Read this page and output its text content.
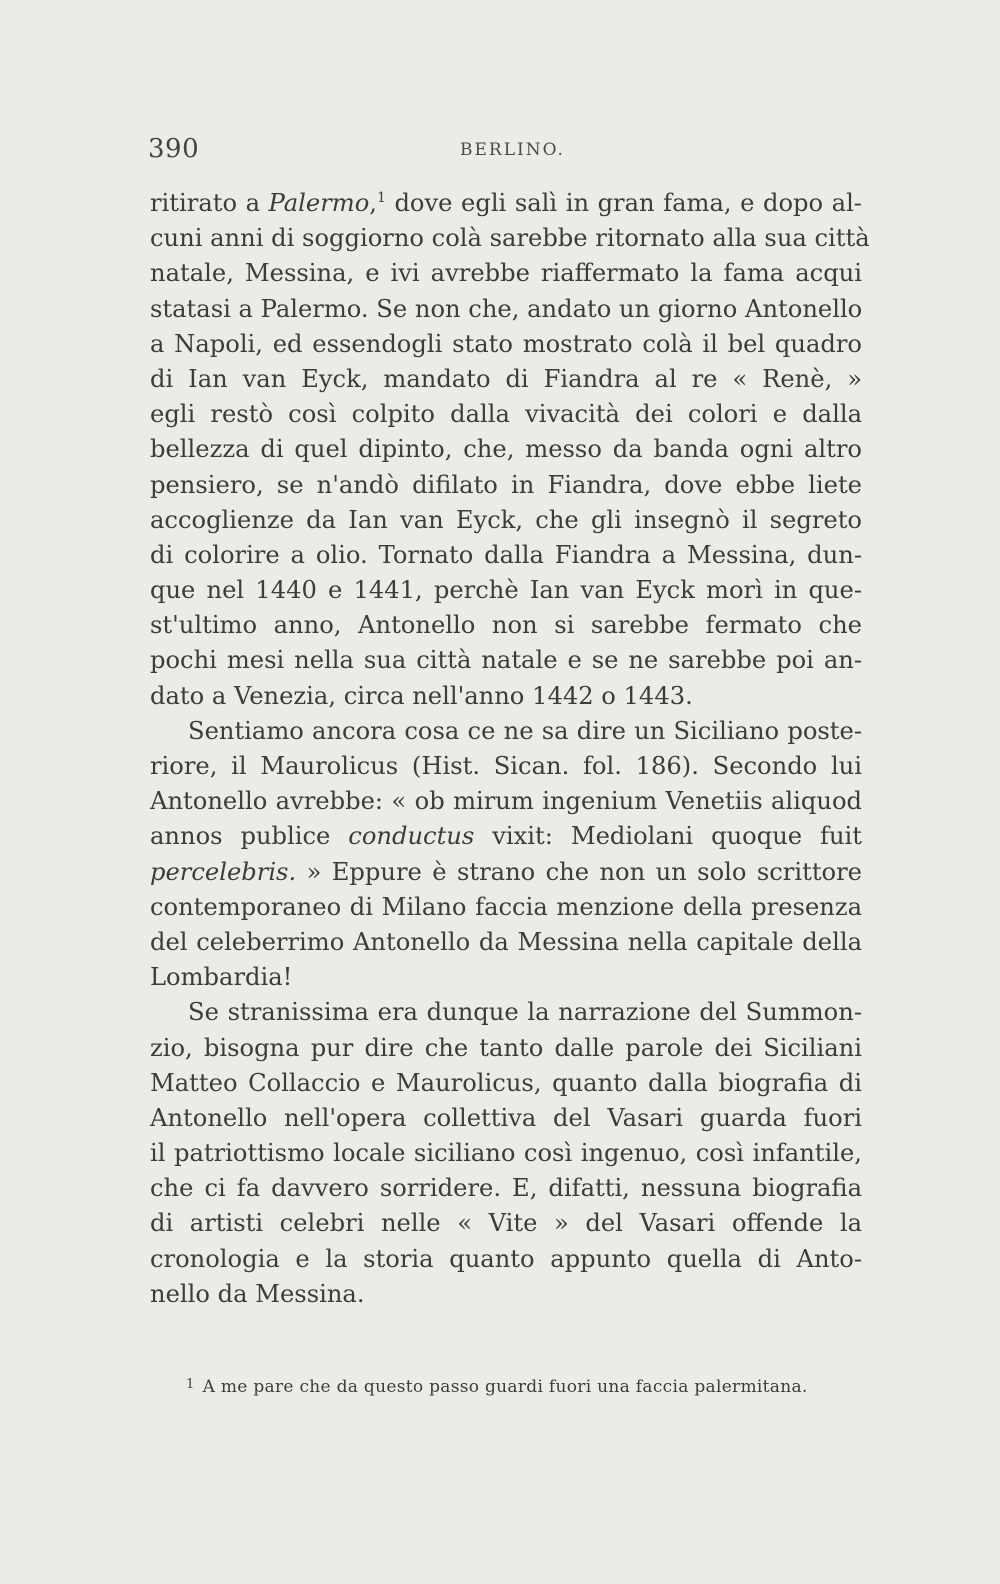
390	BERLINO.
ritirato a Palermo,$^1$ dove egli salì in gran fama, e dopo al-
cuni anni di soggiorno colà sarebbe ritornato alla sua città
natale, Messina, e ivi avrebbe riaffermato la fama acqui
statasi a Palermo. Se non che, andato un giorno Antonello
a Napoli, ed essendogli stato mostrato colà il bel quadro
di Ian van Eyck, mandato di Fiandra al re « Renè, »
egli restò così colpito dalla vivacità dei colori e dalla
bellezza di quel dipinto, che, messo da banda ogni altro
pensiero, se n'andò difilato in Fiandra, dove ebbe liete
accoglienze da Ian van Eyck, che gli insegnò il segreto
di colorire a olio. Tornato dalla Fiandra a Messina, dun-
que nel 1440 e 1441, perchè Ian van Eyck morì in que-
st'ultimo anno, Antonello non si sarebbe fermato che
pochi mesi nella sua città natale e se ne sarebbe poi an-
dato a Venezia, circa nell'anno 1442 o 1443.
Sentiamo ancora cosa ce ne sa dire un Siciliano poste-
riore, il Maurolicus (Hist. Sican. fol. 186). Secondo lui
Antonello avrebbe: « ob mirum ingenium Venetiis aliquod
annos publice conductus vixit: Mediolani quoque fuit
percelebris. » Eppure è strano che non un solo scrittore
contemporaneo di Milano faccia menzione della presenza
del celeberrimo Antonello da Messina nella capitale della
Lombardia!
Se stranissima era dunque la narrazione del Summon-
zio, bisogna pur dire che tanto dalle parole dei Siciliani
Matteo Collaccio e Maurolicus, quanto dalla biografia di
Antonello nell'opera collettiva del Vasari guarda fuori
il patriottismo locale siciliano così ingenuo, così infantile,
che ci fa davvero sorridere. E, difatti, nessuna biografia
di artisti celebri nelle « Vite » del Vasari offende la
cronologia e la storia quanto appunto quella di Anto-
nello da Messina.
$^1$ A me pare che da questo passo guardi fuori una faccia palermitana.
